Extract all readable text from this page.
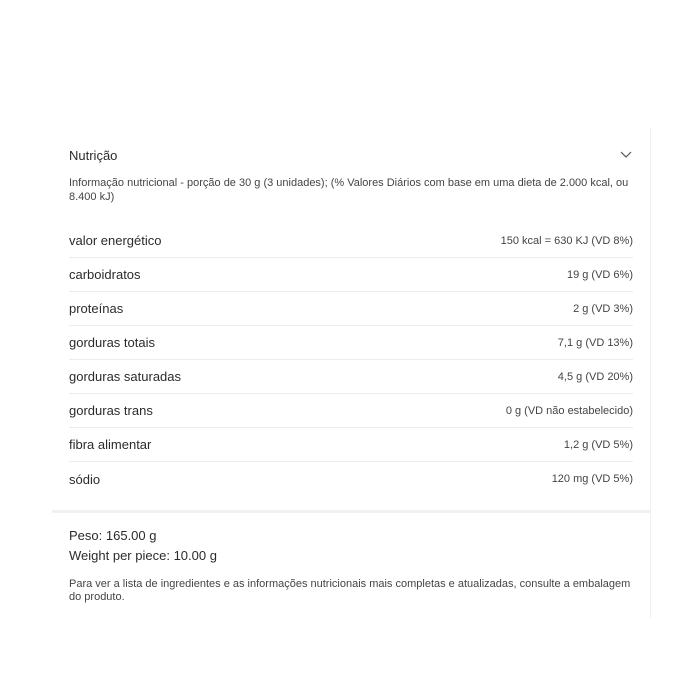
Nutrição
Informação nutricional - porção de 30 g (3 unidades); (% Valores Diários com base em uma dieta de 2.000 kcal, ou 8.400 kJ)
valor energético	150 kcal = 630 KJ (VD 8%)
carboidratos	19 g (VD 6%)
proteínas	2 g (VD 3%)
gorduras totais	7,1 g (VD 13%)
gorduras saturadas	4,5 g (VD 20%)
gorduras trans	0 g (VD não estabelecido)
fibra alimentar	1,2 g (VD 5%)
sódio	120 mg (VD 5%)
Peso: 165.00 g
Weight per piece: 10.00 g
Para ver a lista de ingredientes e as informações nutricionais mais completas e atualizadas, consulte a embalagem do produto.
